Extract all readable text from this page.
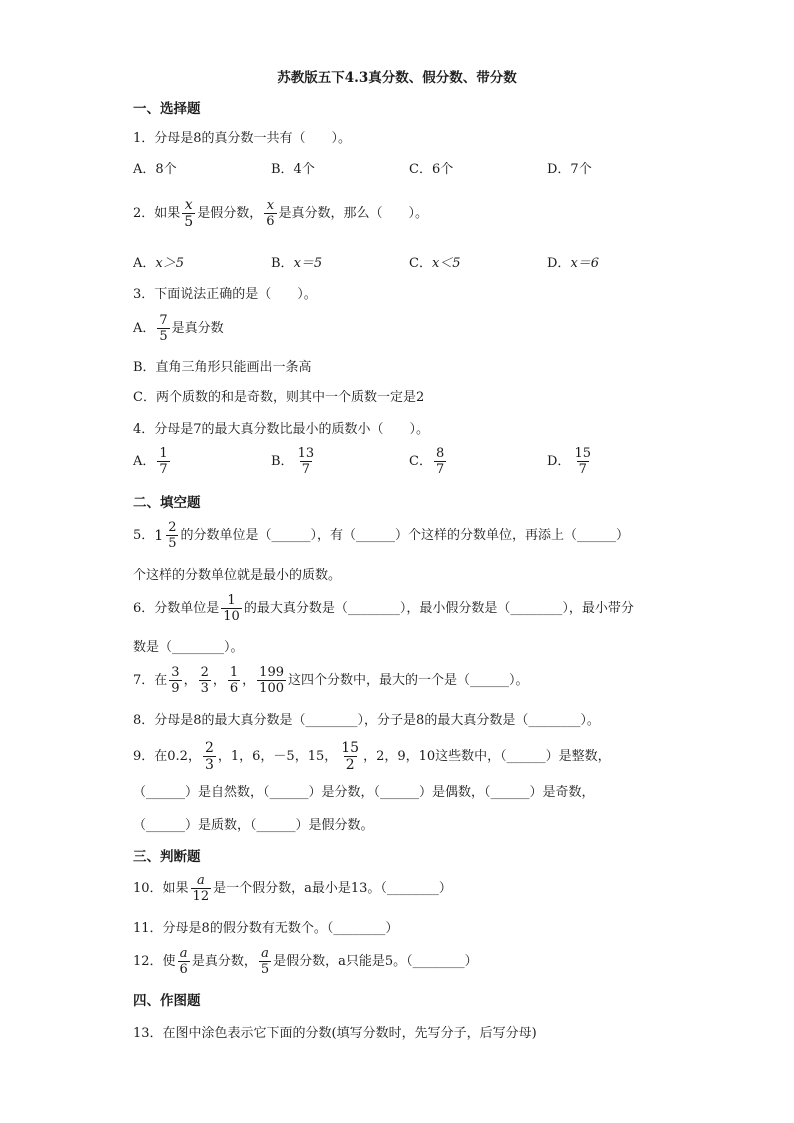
苏教版五下4.3真分数、假分数、带分数
一、选择题
1．分母是8的真分数一共有（　　）。
A．8个	B．4个	C．6个	D．7个
2．如果 $\frac{x}{5}$ 是假分数， $\frac{x}{6}$ 是真分数，那么（　　）。
A．x＞5	B．x＝5	C．x＜5	D．x＝6
3．下面说法正确的是（　　）。
A． $\frac{7}{5}$ 是真分数
B．直角三角形只能画出一条高
C．两个质数的和是奇数，则其中一个质数一定是2
4．分母是7的最大真分数比最小的质数小（　　）。
A． $\frac{1}{7}$	B． $\frac{13}{7}$	C． $\frac{8}{7}$	D． $\frac{15}{7}$
二、填空题
5． $1 \frac{2}{5}$ 的分数单位是（______），有（______）个这样的分数单位，再添上（______）
个这样的分数单位就是最小的质数。
6．分数单位是 $\frac{1}{10}$ 的最大真分数是（________），最小假分数是（________），最小带分
数是（________）。
7．在 $\frac{3}{9}$ ， $\frac{2}{3}$ ， $\frac{1}{6}$ ， $\frac{199}{100}$ 这四个分数中，最大的一个是（______）。
8．分母是8的最大真分数是（________），分子是8的最大真分数是（________）。
9．在0.2， $\frac{2}{3}$ ，1，6，－5，15， $\frac{15}{2}$ ，2，9，10这些数中，（______）是整数，
（______）是自然数，（______）是分数，（______）是偶数，（______）是奇数，
（______）是质数，（______）是假分数。
三、判断题
10．如果 $\frac{a}{12}$ 是一个假分数，a最小是13。（________）
11．分母是8的假分数有无数个。（________）
12．使 $\frac{a}{6}$ 是真分数， $\frac{a}{5}$ 是假分数，a只能是5。（________）
四、作图题
13．在图中涂色表示它下面的分数(填写分数时，先写分子，后写分母)
